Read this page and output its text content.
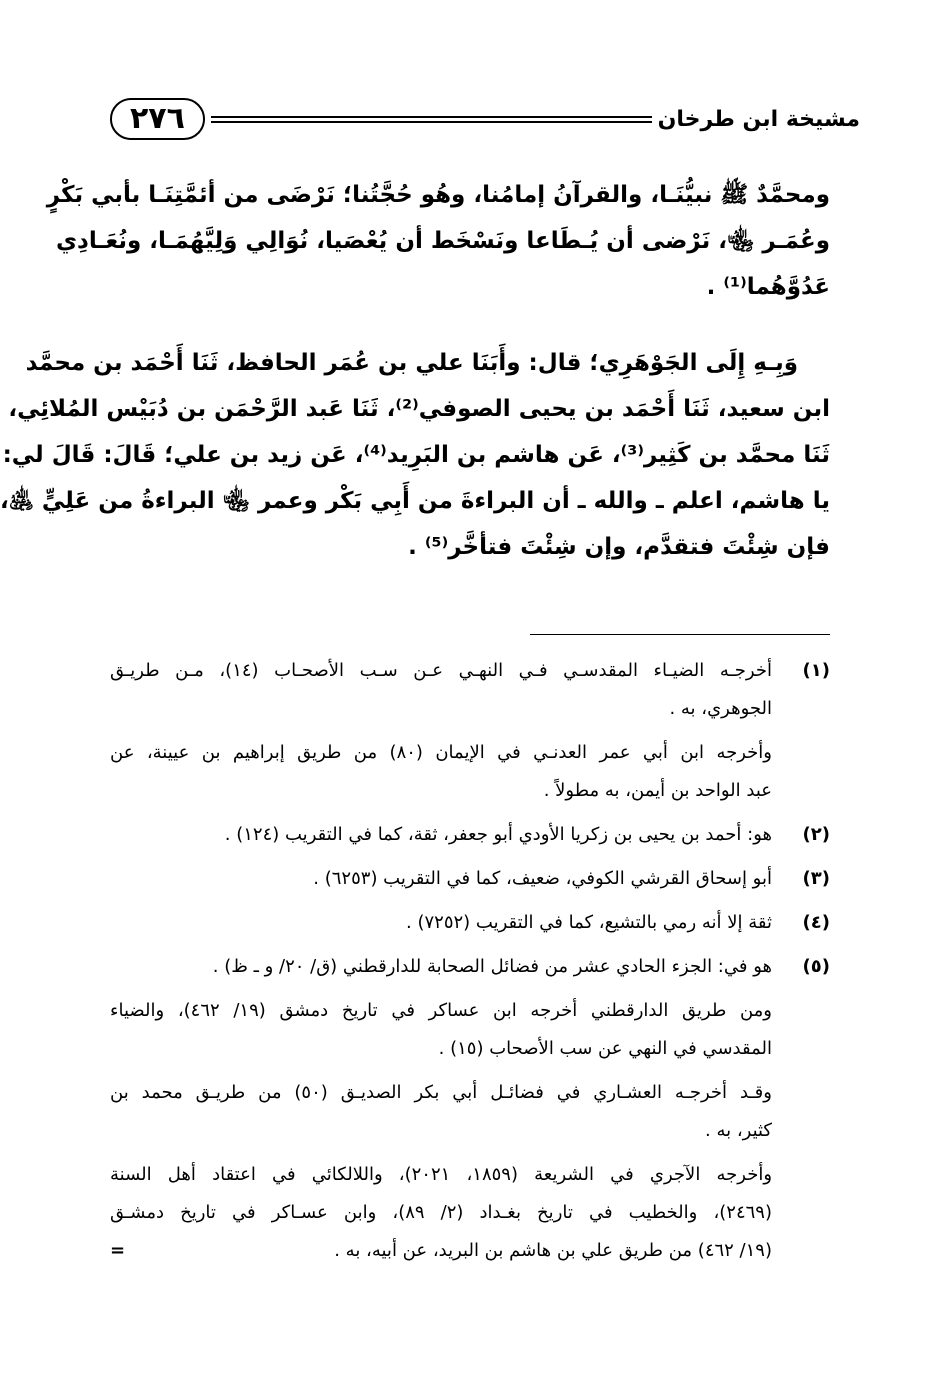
مشيخة ابن طرخان
٢٧٦
ومحمَّدٌ ﷺ نبيُّنَـا، والقرآنُ إمامُنا، وهُو حُجَّتُنا؛ نَرْضَى من أئمَّتِنَـا بأبي بَكْرٍ
وعُمَـر ﵄، نَرْضى أن يُـطَاعا ونَسْخَط أن يُعْصَيا، نُوَالِي وَلِيَّهُمَـا، ونُعَـادِي
عَدُوَّهُما⁽¹⁾ .
وَبِـهِ إِلَى الجَوْهَرِي؛ قال: وأَبَنَا علي بن عُمَر الحافظ، ثَنَا أَحْمَد بن محمَّد
ابن سعيد، ثَنَا أَحْمَد بن يحيى الصوفي⁽²⁾، ثَنَا عَبد الرَّحْمَن بن دُبَيْس المُلائِي،
ثَنَا محمَّد بن كَثِير⁽³⁾، عَن هاشم بن البَرِيد⁽⁴⁾، عَن زيد بن علي؛ قَالَ: قَالَ لي:
يا هاشم، اعلم ـ والله ـ أن البراءةَ من أَبِي بَكْر وعمر ﵄ البراءةُ من عَلِيٍّ ﵁،
فإن شِئْتَ فتقدَّم، وإن شِئْتَ فتأخَّر⁽⁵⁾ .
(١)
أخرجـه الضيـاء المقدسـي فـي النهـي عـن سـب الأصحـاب (١٤)، مـن طريـق
الجوهري، به .
وأخرجه ابن أبي عمر العدنـي في الإيمان (٨٠) من طريق إبراهيم بن عيينة، عن
عبد الواحد بن أيمن، به مطولاً .
(٢)
هو: أحمد بن يحيى بن زكريا الأودي أبو جعفر، ثقة، كما في التقريب (١٢٤) .
(٣)
أبو إسحاق القرشي الكوفي، ضعيف، كما في التقريب (٦٢٥٣) .
(٤)
ثقة إلا أنه رمي بالتشيع، كما في التقريب (٧٢٥٢) .
(٥)
هو في: الجزء الحادي عشر من فضائل الصحابة للدارقطني (ق/ ٢٠/ و ـ ظ) .
ومن طريق الدارقطني أخرجه ابن عساكر في تاريخ دمشق (١٩/ ٤٦٢)، والضياء
المقدسي في النهي عن سب الأصحاب (١٥) .
وقـد أخرجـه العشـاري في فضائـل أبي بكر الصديـق (٥٠) من طريـق محمد بن
كثير، به .
وأخرجه الآجري في الشريعة (١٨٥٩، ٢٠٢١)، واللالكائي في اعتقاد أهل السنة
(٢٤٦٩)، والخطيب في تاريخ بغـداد (٢/ ٨٩)، وابن عسـاكر في تاريخ دمشـق
(١٩/ ٤٦٢) من طريق علي بن هاشم بن البريد، عن أبيه، به .
=
